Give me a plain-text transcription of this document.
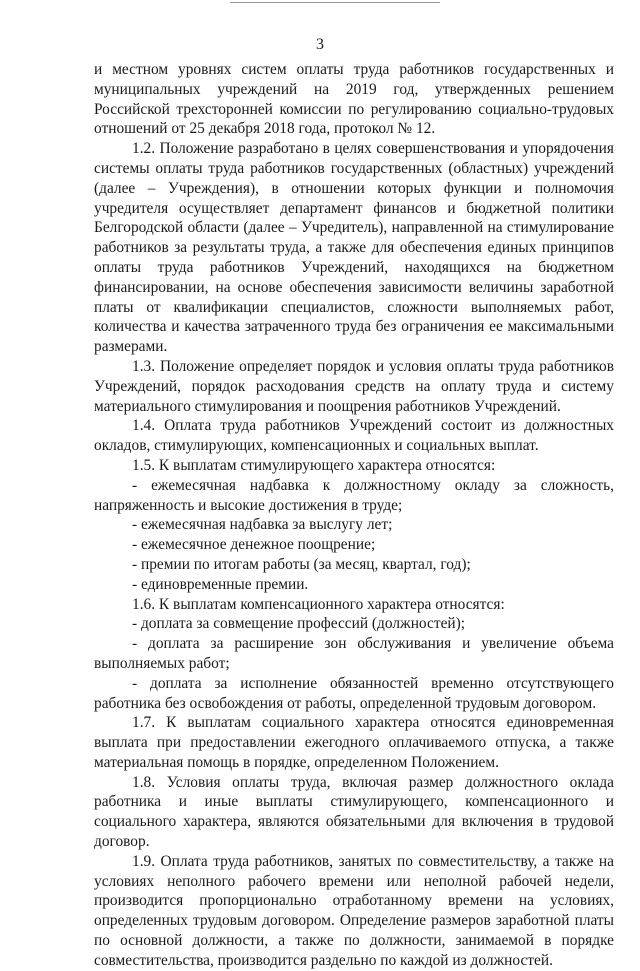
3

и местном уровнях систем оплаты труда работников государственных и муниципальных учреждений на 2019 год, утвержденных решением Российской трехсторонней комиссии по регулированию социально-трудовых отношений от 25 декабря 2018 года, протокол № 12.

1.2. Положение разработано в целях совершенствования и упорядочения системы оплаты труда работников государственных (областных) учреждений (далее – Учреждения), в отношении которых функции и полномочия учредителя осуществляет департамент финансов и бюджетной политики Белгородской области (далее – Учредитель), направленной на стимулирование работников за результаты труда, а также для обеспечения единых принципов оплаты труда работников Учреждений, находящихся на бюджетном финансировании, на основе обеспечения зависимости величины заработной платы от квалификации специалистов, сложности выполняемых работ, количества и качества затраченного труда без ограничения ее максимальными размерами.

1.3. Положение определяет порядок и условия оплаты труда работников Учреждений, порядок расходования средств на оплату труда и систему материального стимулирования и поощрения работников Учреждений.

1.4. Оплата труда работников Учреждений состоит из должностных окладов, стимулирующих, компенсационных и социальных выплат.

1.5. К выплатам стимулирующего характера относятся:

- ежемесячная надбавка к должностному окладу за сложность, напряженность и высокие достижения в труде;

- ежемесячная надбавка за выслугу лет;

- ежемесячное денежное поощрение;

- премии по итогам работы (за месяц, квартал, год);

- единовременные премии.

1.6. К выплатам компенсационного характера относятся:

- доплата за совмещение профессий (должностей);

- доплата за расширение зон обслуживания и увеличение объема выполняемых работ;

- доплата за исполнение обязанностей временно отсутствующего работника без освобождения от работы, определенной трудовым договором.

1.7. К выплатам социального характера относятся единовременная выплата при предоставлении ежегодного оплачиваемого отпуска, а также материальная помощь в порядке, определенном Положением.

1.8. Условия оплаты труда, включая размер должностного оклада работника и иные выплаты стимулирующего, компенсационного и социального характера, являются обязательными для включения в трудовой договор.

1.9. Оплата труда работников, занятых по совместительству, а также на условиях неполного рабочего времени или неполной рабочей недели, производится пропорционально отработанному времени на условиях, определенных трудовым договором. Определение размеров заработной платы по основной должности, а также по должности, занимаемой в порядке совместительства, производится раздельно по каждой из должностей.
